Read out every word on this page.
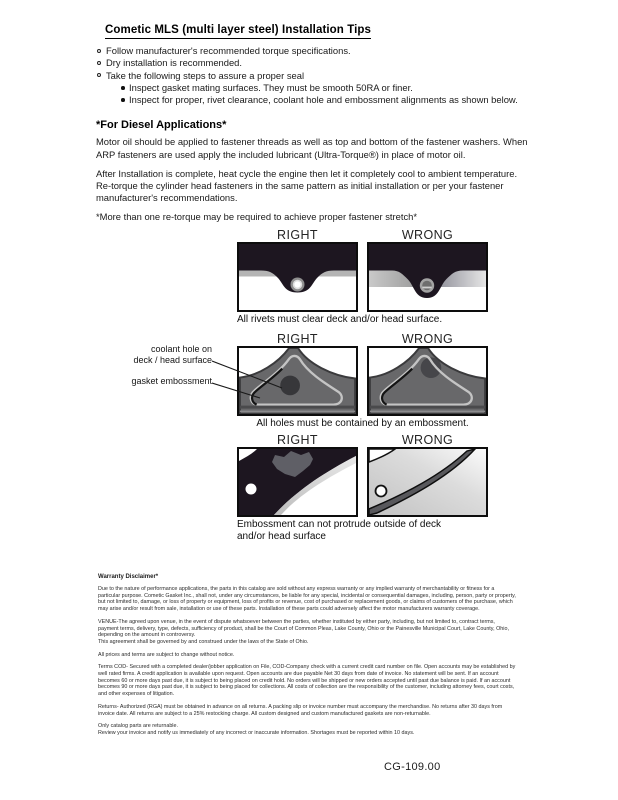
Cometic MLS (multi layer steel) Installation Tips
Follow manufacturer's recommended torque specifications.
Dry installation is recommended.
Take the following steps to assure a proper seal
Inspect gasket mating surfaces. They must be smooth 50RA or finer.
Inspect for proper, rivet clearance, coolant hole and embossment alignments as shown below.
*For Diesel Applications*

Motor oil should be applied to fastener threads as well as top and bottom of the fastener washers. When ARP fasteners are used apply the included lubricant (Ultra-Torque®) in place of motor oil.

After Installation is complete, heat cycle the engine then let it completely cool to ambient temperature. Re-torque the cylinder head fasteners in the same pattern as initial installation or per your fastener manufacturer's recommendations.

*More than one re-torque may be required to achieve proper fastener stretch*

RIGHT	WRONG
All rivets must clear deck and/or head surface.
RIGHT	WRONG
All holes must be contained by an embossment.
RIGHT	WRONG
Embossment can not protrude outside of deck
and/or head surface
coolant hole on
deck / head surface
gasket embossment
Warranty Disclaimer*

Due to the nature of performance applications, the parts in this catalog are sold without any express warranty or any implied warranty of merchantability or fitness for a particular purpose. Cometic Gasket Inc., shall not, under any circumstances, be liable for any special, incidental or consequential damages, including, person, party or property, but not limited to, damage, or loss of property or equipment, loss of profits or revenue, cost of purchased or replacement goods, or claims of customers of the purchase, which may arise and/or result from sale, installation or use of these parts. Installation of these parts could adversely affect the motor manufacturers warranty coverage.

VENUE-The agreed upon venue, in the event of dispute whatsoever between the parties, whether instituted by either party, including, but not limited to, contract terms, payment terms, delivery, type, defects, sufficiency of product, shall be the Court of Common Pleas, Lake County, Ohio or the Painesville Municipal Court, Lake County, Ohio, depending on the amount in controversy.

This agreement shall be governed by and construed under the laws of the State of Ohio.

All prices and terms are subject to change without notice.

Terms COD- Secured with a completed dealer/jobber application on File, COD-Company check with a current credit card number on file. Open accounts may be established by well rated firms. A credit application is available upon request. Open accounts are due payable Net 30 days from date of invoice. No statement will be sent. If an account becomes 60 or more days past due, it is subject to being placed on credit hold. No orders will be shipped or new orders accepted until past due balance is paid. If an account becomes 90 or more days past due, it is subject to being placed for collections. All costs of collection are the responsibility of the customer, including attorney fees, court costs, and other expenses of litigation.

Returns- Authorized (RGA) must be obtained in advance on all returns. A packing slip or invoice number must accompany the merchandise. No returns after 30 days from invoice date. All returns are subject to a 25% restocking charge. All custom designed and custom manufactured gaskets are non-returnable.

Only catalog parts are returnable.

Review your invoice and notify us immediately of any incorrect or inaccurate information. Shortages must be reported within 10 days.

CG-109.00
